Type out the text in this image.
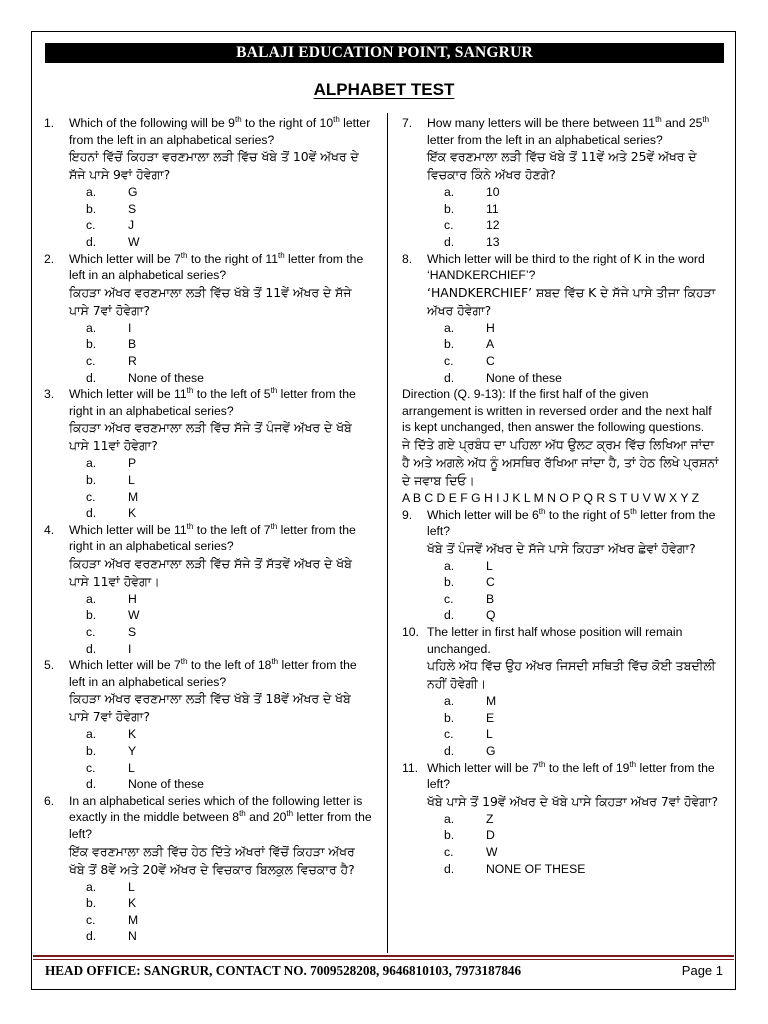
BALAJI EDUCATION POINT, SANGRUR
ALPHABET TEST
1.	Which of the following will be 9th to the right of 10th letter from the left in an alphabetical series?
ਇਹਨਾਂ ਵਿੱਚੋਂ ਕਿਹੜਾ ਵਰਣਮਾਲਾ ਲੜੀ ਵਿੱਚ ਖੱਬੇ ਤੋਂ 10ਵੇਂ ਅੱਖਰ ਦੇ ਸੱਜੇ ਪਾਸੇ 9ਵਾਂ ਹੋਵੇਗਾ?
a.	G
b.	S
c.	J
d.	W
2.	Which letter will be 7th to the right of 11th letter from the left in an alphabetical series?
ਕਿਹੜਾ ਅੱਖਰ ਵਰਣਮਾਲਾ ਲੜੀ ਵਿੱਚ ਖੱਬੇ ਤੋਂ 11ਵੇਂ ਅੱਖਰ ਦੇ ਸੱਜੇ ਪਾਸੇ 7ਵਾਂ ਹੋਵੇਗਾ?
a.	I
b.	B
c.	R
d.	None of these
3.	Which letter will be 11th to the left of 5th letter from the right in an alphabetical series?
ਕਿਹੜਾ ਅੱਖਰ ਵਰਣਮਾਲਾ ਲੜੀ ਵਿੱਚ ਸੱਜੇ ਤੋਂ ਪੰਜਵੇਂ ਅੱਖਰ ਦੇ ਖੱਬੇ ਪਾਸੇ 11ਵਾਂ ਹੋਵੇਗਾ?
a.	P
b.	L
c.	M
d.	K
4.	Which letter will be 11th to the left of 7th letter from the right in an alphabetical series?
ਕਿਹੜਾ ਅੱਖਰ ਵਰਣਮਾਲਾ ਲੜੀ ਵਿੱਚ ਸੱਜੇ ਤੋਂ ਸੱਤਵੇਂ ਅੱਖਰ ਦੇ ਖੱਬੇ ਪਾਸੇ 11ਵਾਂ ਹੋਵੇਗਾ।
a.	H
b.	W
c.	S
d.	I
5.	Which letter will be 7th to the left of 18th letter from the left in an alphabetical series?
ਕਿਹੜਾ ਅੱਖਰ ਵਰਣਮਾਲਾ ਲੜੀ ਵਿੱਚ ਖੱਬੇ ਤੋਂ 18ਵੇਂ ਅੱਖਰ ਦੇ ਖੱਬੇ ਪਾਸੇ 7ਵਾਂ ਹੋਵੇਗਾ?
a.	K
b.	Y
c.	L
d.	None of these
6.	In an alphabetical series which of the following letter is exactly in the middle between 8th and 20th letter from the left?
ਇੱਕ ਵਰਣਮਾਲਾ ਲੜੀ ਵਿੱਚ ਹੇਠ ਦਿੱਤੇ ਅੱਖਰਾਂ ਵਿੱਚੋਂ ਕਿਹੜਾ ਅੱਖਰ ਖੱਬੇ ਤੋਂ 8ਵੇਂ ਅਤੇ 20ਵੇਂ ਅੱਖਰ ਦੇ ਵਿਚਕਾਰ ਬਿਲਕੁਲ ਵਿਚਕਾਰ ਹੈ?
a.	L
b.	K
c.	M
d.	N
7.	How many letters will be there between 11th and 25th letter from the left in an alphabetical series?
ਇੱਕ ਵਰਣਮਾਲਾ ਲੜੀ ਵਿੱਚ ਖੱਬੇ ਤੋਂ 11ਵੇਂ ਅਤੇ 25ਵੇਂ ਅੱਖਰ ਦੇ ਵਿਚਕਾਰ ਕਿੰਨੇ ਅੱਖਰ ਹੋਣਗੇ?
a.	10
b.	11
c.	12
d.	13
8.	Which letter will be third to the right of K in the word ‘HANDKERCHIEF’?
‘HANDKERCHIEF’ ਸ਼ਬਦ ਵਿੱਚ K ਦੇ ਸੱਜੇ ਪਾਸੇ ਤੀਜਾ ਕਿਹੜਾ ਅੱਖਰ ਹੋਵੇਗਾ?
a.	H
b.	A
c.	C
d.	None of these
Direction (Q. 9-13): If the first half of the given arrangement is written in reversed order and the next half is kept unchanged, then answer the following questions.
ਜੇ ਦਿੱਤੇ ਗਏ ਪ੍ਰਬੰਧ ਦਾ ਪਹਿਲਾ ਅੱਧ ਉਲਟ ਕ੍ਰਮ ਵਿੱਚ ਲਿਖਿਆ ਜਾਂਦਾ ਹੈ ਅਤੇ ਅਗਲੇ ਅੱਧ ਨੂੰ ਅਸਥਿਰ ਰੱਖਿਆ ਜਾਂਦਾ ਹੈ, ਤਾਂ ਹੇਠ ਲਿਖੇ ਪ੍ਰਸ਼ਨਾਂ ਦੇ ਜਵਾਬ ਦਿਓ।
A B C D E F G H I J K L M N O P Q R S T U V W X Y Z
9.	Which letter will be 6th to the right of 5th letter from the left?
ਖੱਬੇ ਤੋਂ ਪੰਜਵੇਂ ਅੱਖਰ ਦੇ ਸੱਜੇ ਪਾਸੇ ਕਿਹੜਾ ਅੱਖਰ ਛੇਵਾਂ ਹੋਵੇਗਾ?
a.	L
b.	C
c.	B
d.	Q
10. The letter in first half whose position will remain unchanged.
ਪਹਿਲੇ ਅੱਧ ਵਿੱਚ ਉਹ ਅੱਖਰ ਜਿਸਦੀ ਸਥਿਤੀ ਵਿੱਚ ਕੋਈ ਤਬਦੀਲੀ ਨਹੀਂ ਹੋਵੇਗੀ।
a.	M
b.	E
c.	L
d.	G
11. Which letter will be 7th to the left of 19th letter from the left?
ਖੱਬੇ ਪਾਸੇ ਤੋਂ 19ਵੇਂ ਅੱਖਰ ਦੇ ਖੱਬੇ ਪਾਸੇ ਕਿਹੜਾ ਅੱਖਰ 7ਵਾਂ ਹੋਵੇਗਾ?
a.	Z
b.	D
c.	W
d.	NONE OF THESE
HEAD OFFICE: SANGRUR, CONTACT NO. 7009528208, 9646810103, 7973187846	Page 1
